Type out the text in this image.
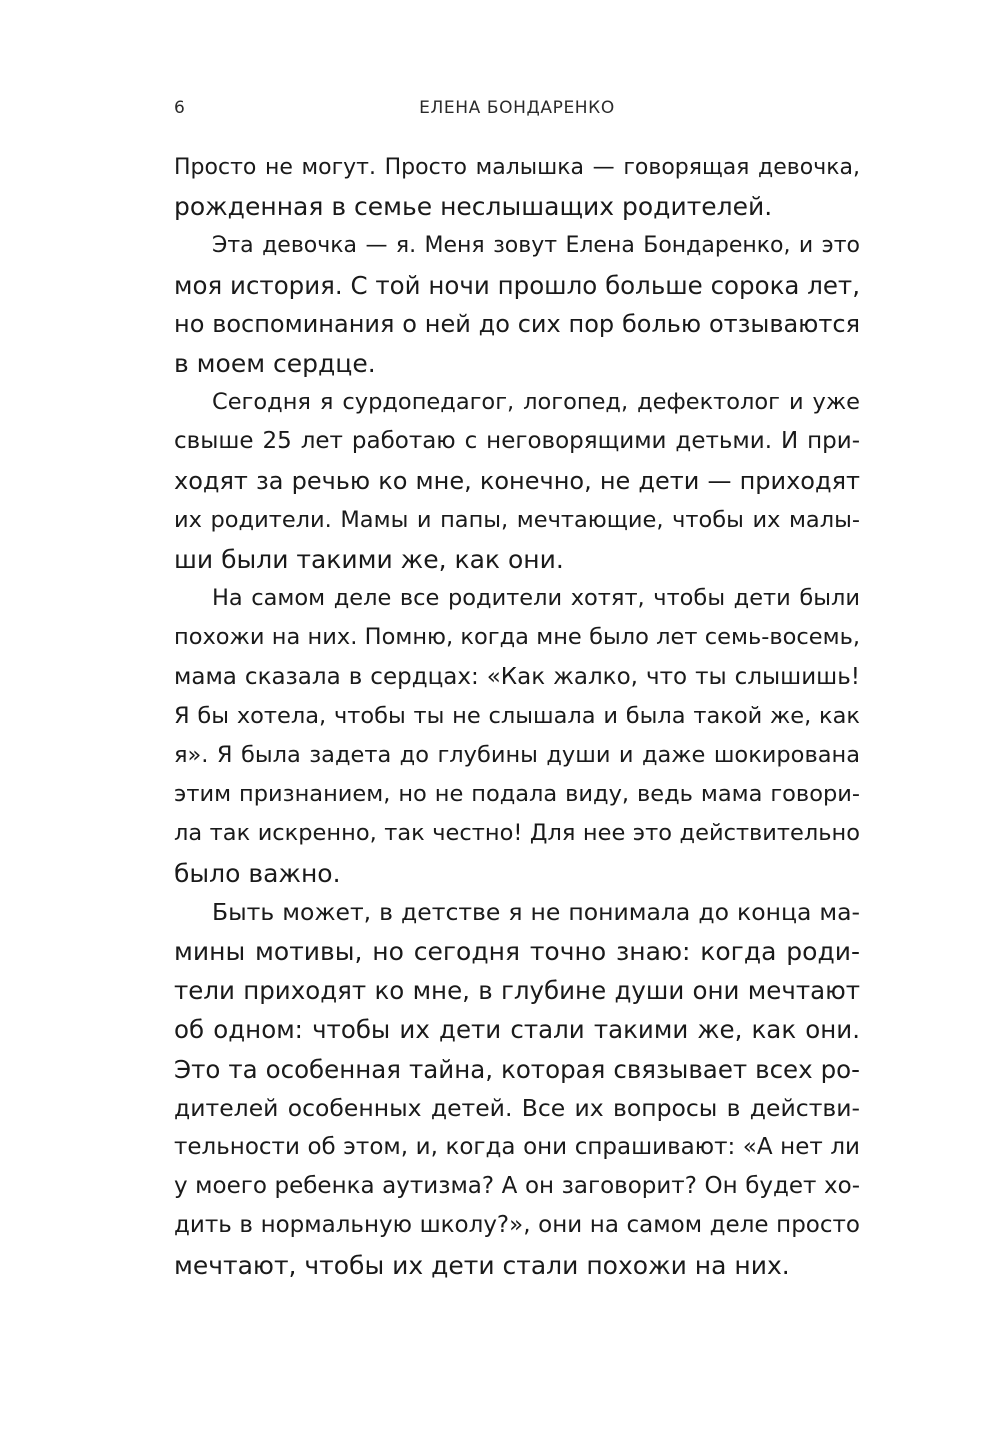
6	ЕЛЕНА БОНДАРЕНКО

Просто не могут. Просто малышка — говорящая девочка,

рожденная в семье неслышащих родителей.

Эта девочка — я. Меня зовут Елена Бондаренко, и это

моя история. С той ночи прошло больше сорока лет,

но воспоминания о ней до сих пор болью отзываются

в моем сердце.

Сегодня я сурдопедагог, логопед, дефектолог и уже

свыше 25 лет работаю с неговорящими детьми. И при-

ходят за речью ко мне, конечно, не дети — приходят

их родители. Мамы и папы, мечтающие, чтобы их малы-

ши были такими же, как они.

На самом деле все родители хотят, чтобы дети были

похожи на них. Помню, когда мне было лет семь-восемь,

мама сказала в сердцах: «Как жалко, что ты слышишь!

Я бы хотела, чтобы ты не слышала и была такой же, как

я». Я была задета до глубины души и даже шокирована

этим признанием, но не подала виду, ведь мама говори-

ла так искренно, так честно! Для нее это действительно

было важно.

Быть может, в детстве я не понимала до конца ма-

мины мотивы, но сегодня точно знаю: когда роди-

тели приходят ко мне, в глубине души они мечтают

об одном: чтобы их дети стали такими же, как они.

Это та особенная тайна, которая связывает всех ро-

дителей особенных детей. Все их вопросы в действи-

тельности об этом, и, когда они спрашивают: «А нет ли

у моего ребенка аутизма? А он заговорит? Он будет хо-

дить в нормальную школу?», они на самом деле просто

мечтают, чтобы их дети стали похожи на них.
